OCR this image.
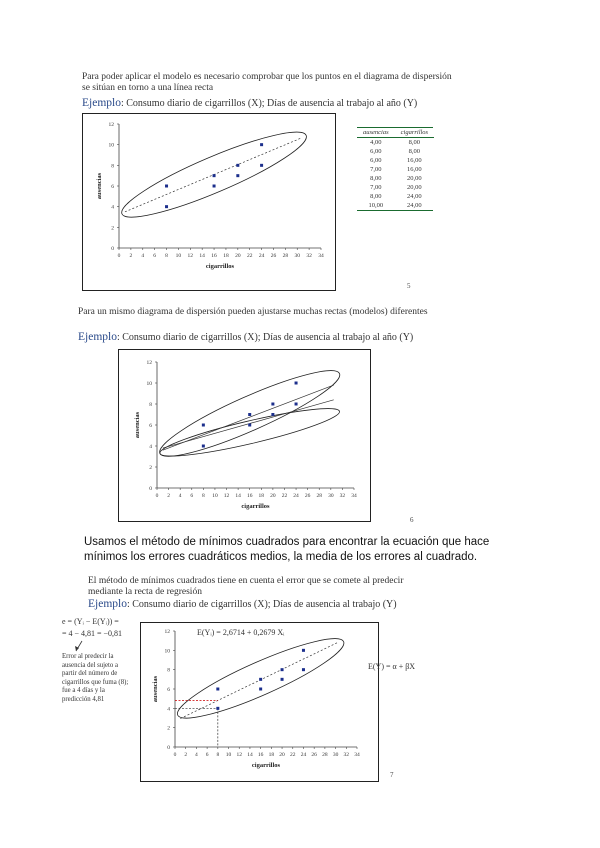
Para poder aplicar el modelo es necesario comprobar que los puntos en el diagrama de dispersión se sitúan en torno a una línea recta
Ejemplo: Consumo diario de cigarrillos (X); Días de ausencia al trabajo al año (Y)
0
2
4
6
8
10
12
0 2 4 6 8 10 12 14 16 18 20 22 24 26 28 30 32 34
cigarrillos
ausencias
ausencias	cigarrillos
4,00	8,00
6,00	8,00
6,00	16,00
7,00	16,00
8,00	20,00
7,00	20,00
8,00	24,00
10,00	24,00
5
Para un mismo diagrama de dispersión pueden ajustarse muchas rectas (modelos) diferentes
Ejemplo: Consumo diario de cigarrillos (X); Días de ausencia al trabajo al año (Y)
0
2
4
6
8
10
12
0 2 4 6 8 10 12 14 16 18 20 22 24 26 28 30 32 34
cigarrillos
ausencias
6
Usamos el método de mínimos cuadrados para encontrar la ecuación que hace mínimos los errores cuadráticos medios, la media de los errores al cuadrado.
El método de mínimos cuadrados tiene en cuenta el error que se comete al predecir mediante la recta de regresión
Ejemplo: Consumo diario de cigarrillos (X); Días de ausencia al trabajo (Y)
e = (Yᵢ − E(Yᵢ)) =
= 4 − 4,81 = −0,81
Error al predecir la ausencia del sujeto a partir del número de cigarrillos que fuma (8); fue a 4 días y la predicción 4,81
0
2
4
6
8
10
12
0 2 4 6 8 10 12 14 16 18 20 22 24 26 28 30 32 34
cigarrillos
ausencias
E(Yᵢ) = 2,6714 + 0,2679 Xᵢ
E(Y) = α + βX
7
